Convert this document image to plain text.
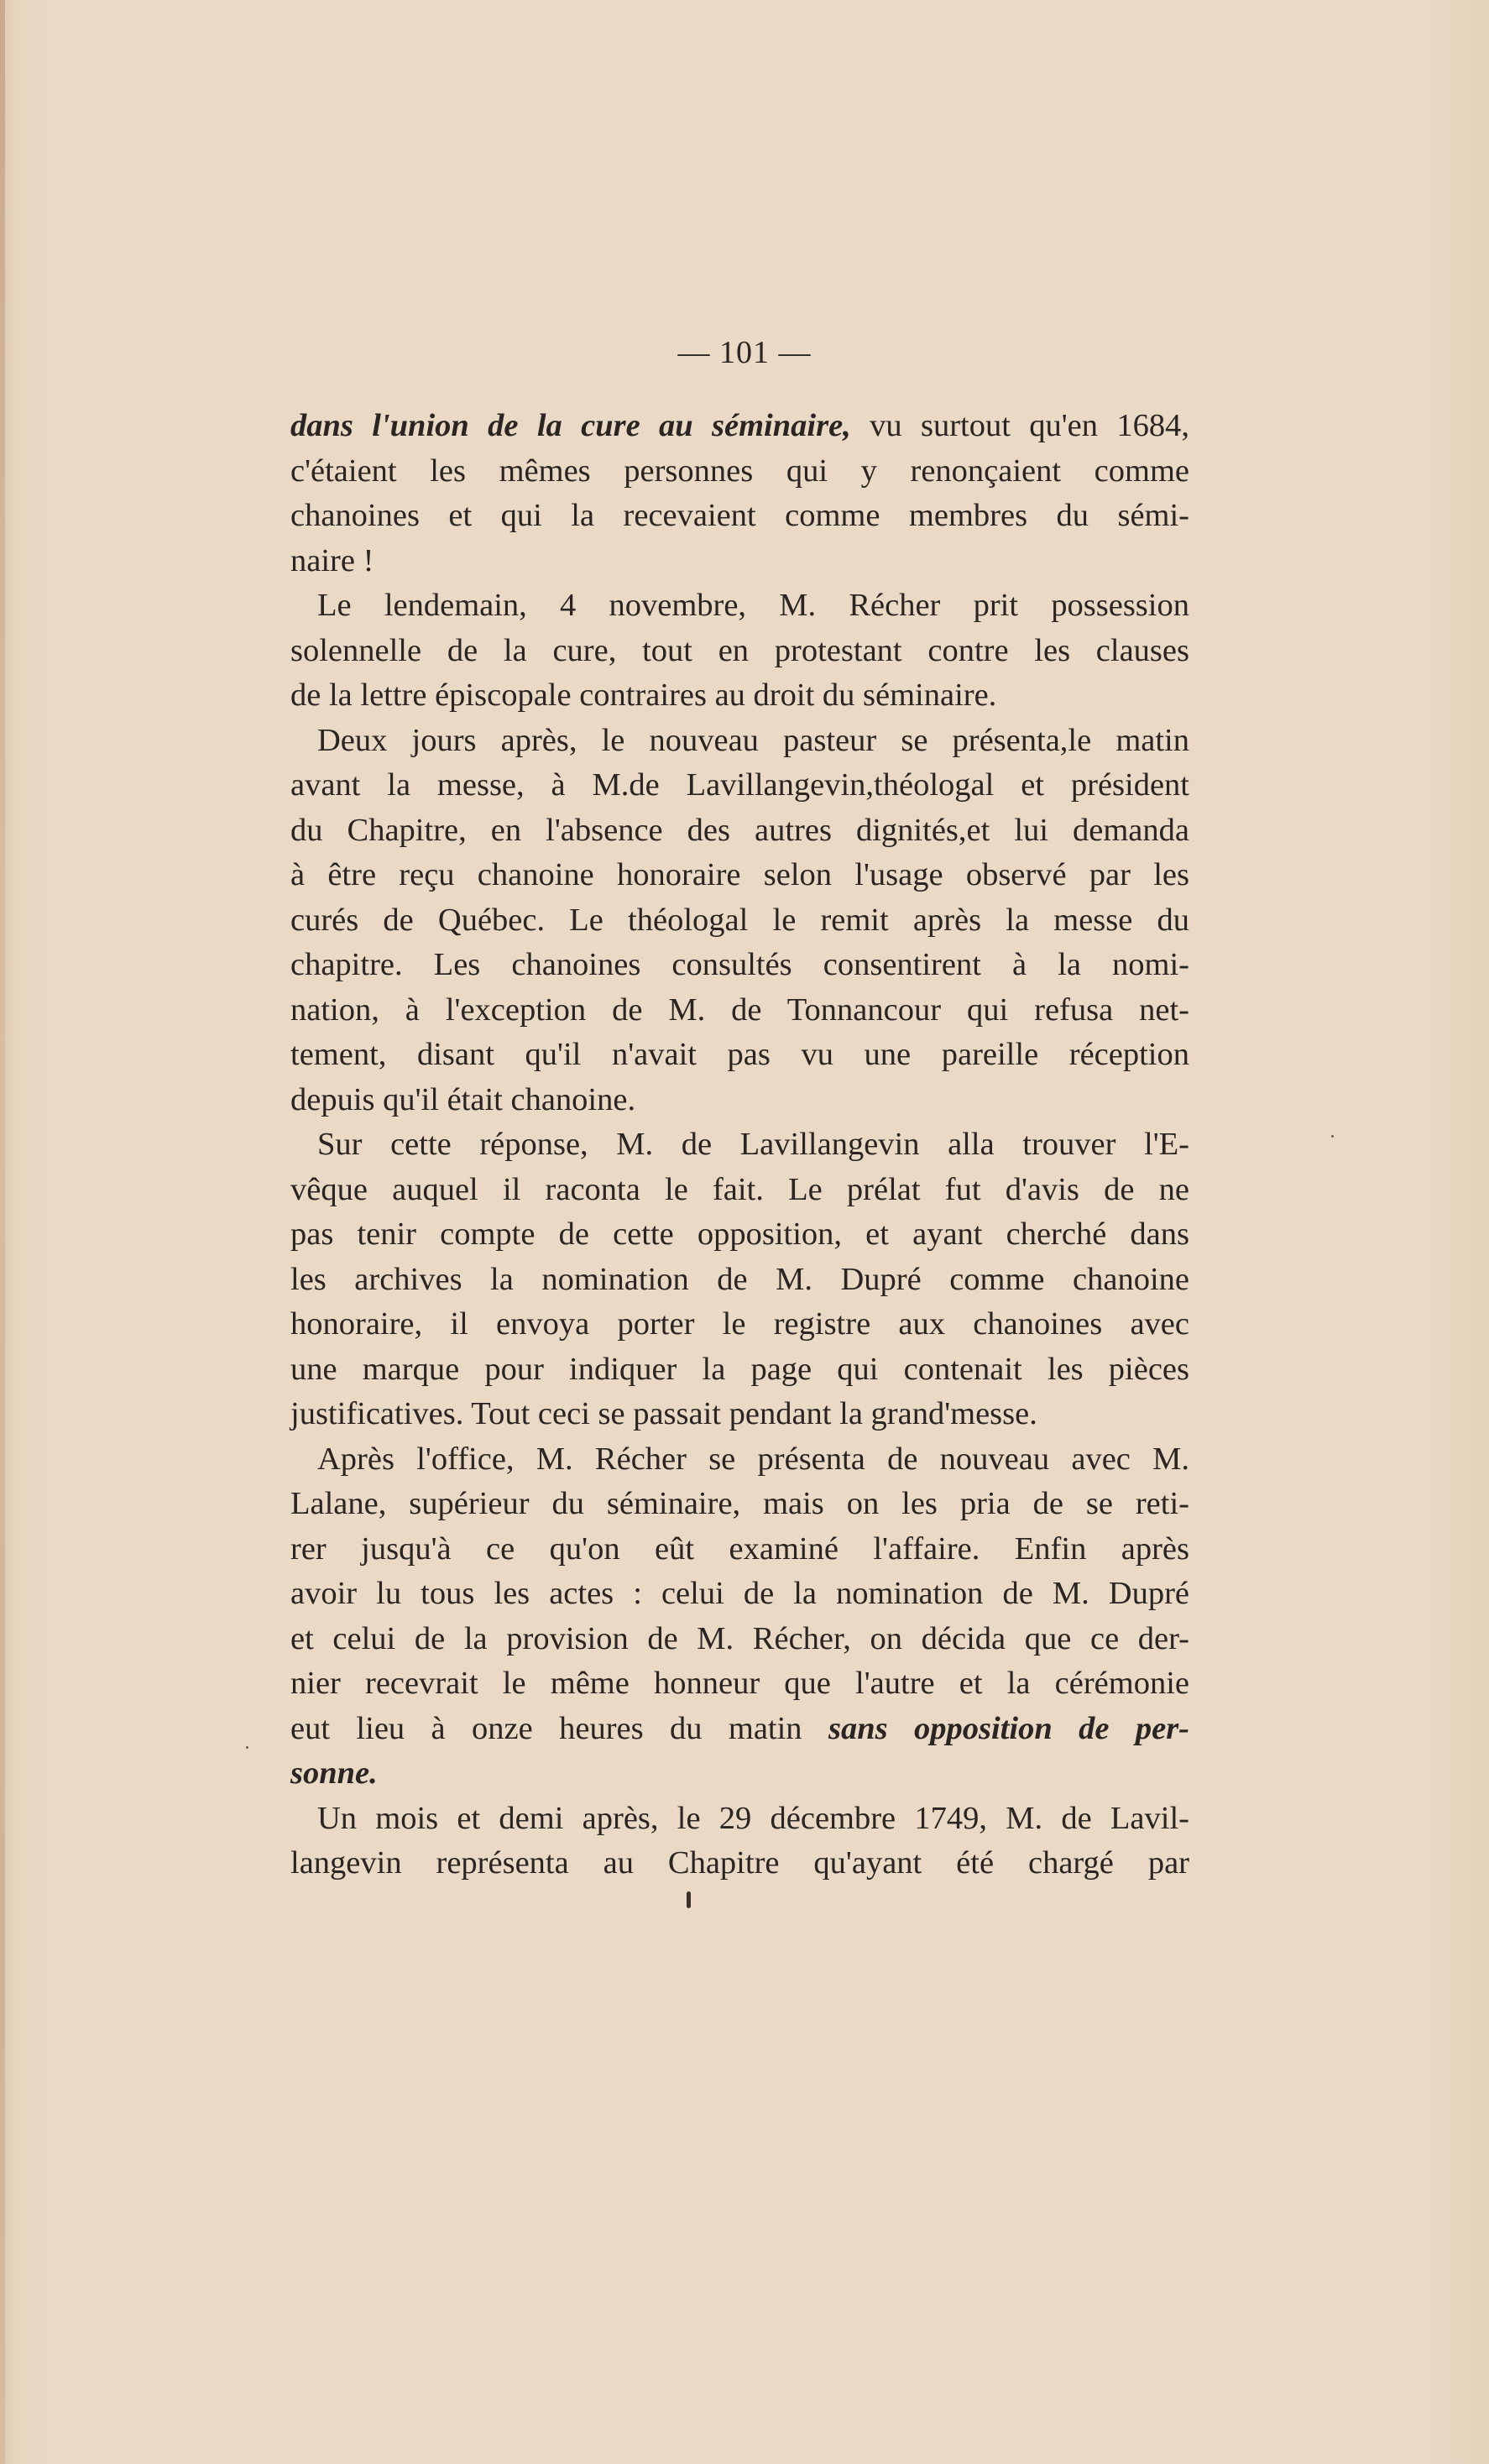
— 101 —
dans l'union de la cure au séminaire, vu surtout qu'en 1684,
c'étaient les mêmes personnes qui y renonçaient comme
chanoines et qui la recevaient comme membres du sémi-
naire !
Le lendemain, 4 novembre, M. Récher prit possession
solennelle de la cure, tout en protestant contre les clauses
de la lettre épiscopale contraires au droit du séminaire.
Deux jours après, le nouveau pasteur se présenta,le matin
avant la messe, à M.de Lavillangevin,théologal et président
du Chapitre, en l'absence des autres dignités,et lui demanda
à être reçu chanoine honoraire selon l'usage observé par les
curés de Québec. Le théologal le remit après la messe du
chapitre. Les chanoines consultés consentirent à la nomi-
nation, à l'exception de M. de Tonnancour qui refusa net-
tement, disant qu'il n'avait pas vu une pareille réception
depuis qu'il était chanoine.
Sur cette réponse, M. de Lavillangevin alla trouver l'E-
vêque auquel il raconta le fait. Le prélat fut d'avis de ne
pas tenir compte de cette opposition, et ayant cherché dans
les archives la nomination de M. Dupré comme chanoine
honoraire, il envoya porter le registre aux chanoines avec
une marque pour indiquer la page qui contenait les pièces
justificatives. Tout ceci se passait pendant la grand'messe.
Après l'office, M. Récher se présenta de nouveau avec M.
Lalane, supérieur du séminaire, mais on les pria de se reti-
rer jusqu'à ce qu'on eût examiné l'affaire. Enfin après
avoir lu tous les actes : celui de la nomination de M. Dupré
et celui de la provision de M. Récher, on décida que ce der-
nier recevrait le même honneur que l'autre et la cérémonie
eut lieu à onze heures du matin sans opposition de per-
sonne.
Un mois et demi après, le 29 décembre 1749, M. de Lavil-
langevin représenta au Chapitre qu'ayant été chargé par
